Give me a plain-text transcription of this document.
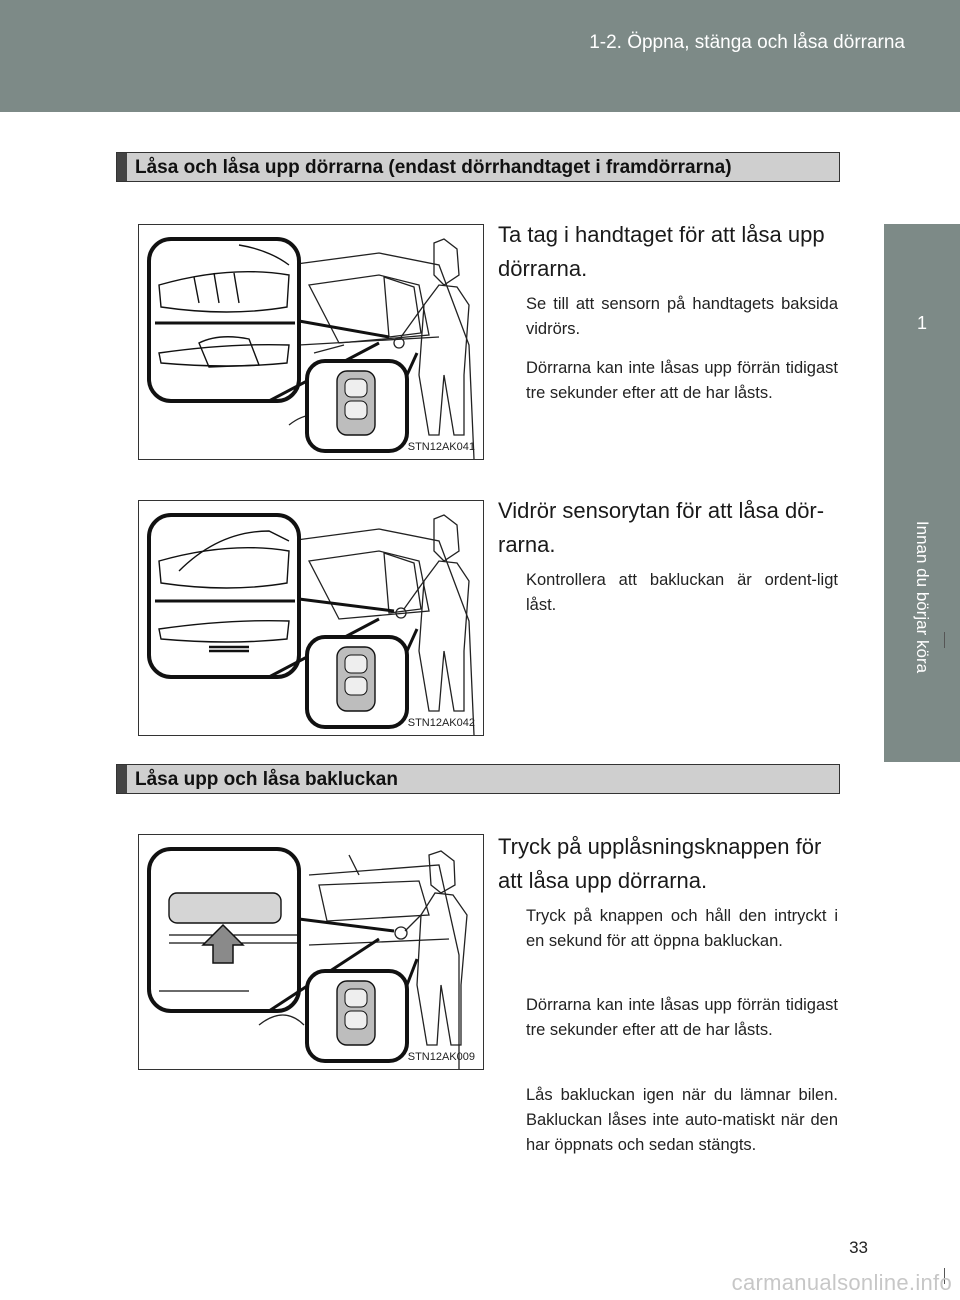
1-2. Öppna, stänga och låsa dörrarna
1
Innan du börjar köra
Låsa och låsa upp dörrarna (endast dörrhandtaget i framdörrarna)
STN12AK041
Ta tag i handtaget för att låsa upp dörrarna.
Se till att sensorn på handtagets baksida vidrörs.
Dörrarna kan inte låsas upp förrän tidigast tre sekunder efter att de har låsts.
STN12AK042
Vidrör sensorytan för att låsa dör-rarna.
Kontrollera att bakluckan är ordent-ligt låst.
Låsa upp och låsa bakluckan
STN12AK009
Tryck på upplåsningsknappen för att låsa upp dörrarna.
Tryck på knappen och håll den intryckt i en sekund för att öppna bakluckan.
Dörrarna kan inte låsas upp förrän tidigast tre sekunder efter att de har låsts.
Lås bakluckan igen när du lämnar bilen. Bakluckan låses inte auto-matiskt när den har öppnats och sedan stängts.
33
carmanualsonline.info
